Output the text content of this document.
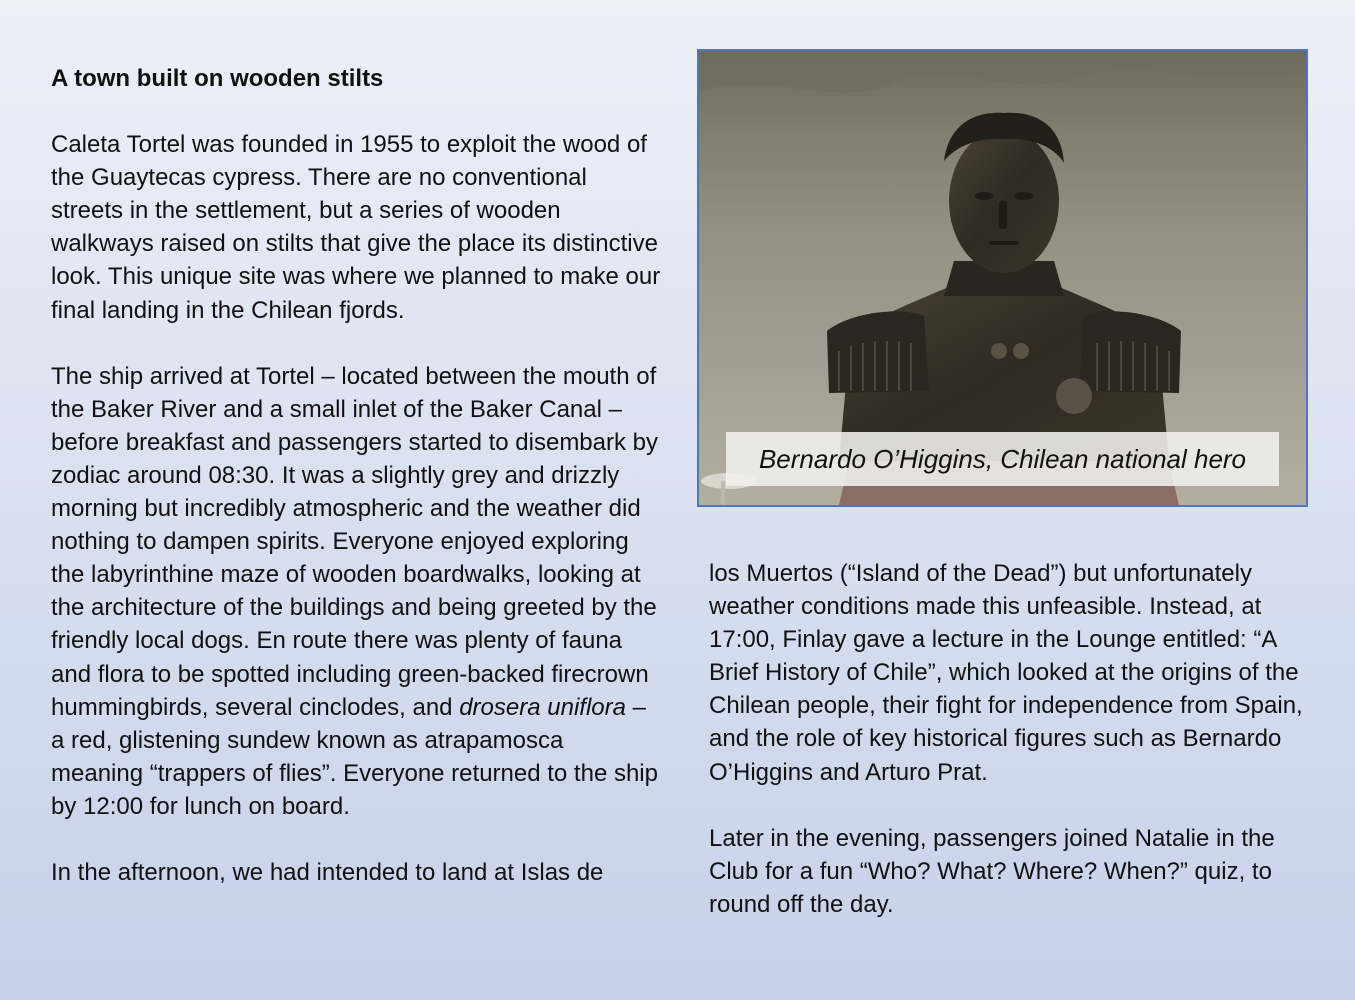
A town built on wooden stilts

Caleta Tortel was founded in 1955 to exploit the wood of the Guaytecas cypress. There are no conventional streets in the settlement, but a series of wooden walkways raised on stilts that give the place its distinctive look. This unique site was where we planned to make our final landing in the Chilean fjords.

The ship arrived at Tortel – located between the mouth of the Baker River and a small inlet of the Baker Canal – before breakfast and passengers started to disembark by zodiac around 08:30. It was a slightly grey and drizzly morning but incredibly atmospheric and the weather did nothing to dampen spirits. Everyone enjoyed exploring the labyrinthine maze of wooden boardwalks, looking at the architecture of the buildings and being greeted by the friendly local dogs. En route there was plenty of fauna and flora to be spotted including green-backed firecrown hummingbirds, several cinclodes, and drosera uniflora – a red, glistening sundew known as atrapamosca meaning “trappers of flies”. Everyone returned to the ship by 12:00 for lunch on board.

In the afternoon, we had intended to land at Islas de

Bernardo O’Higgins, Chilean national hero

los Muertos (“Island of the Dead”) but unfortunately weather conditions made this unfeasible. Instead, at 17:00, Finlay gave a lecture in the Lounge entitled: “A Brief History of Chile”, which looked at the origins of the Chilean people, their fight for independence from Spain, and the role of key historical figures such as Bernardo O’Higgins and Arturo Prat.

Later in the evening, passengers joined Natalie in the Club for a fun “Who? What? Where? When?” quiz, to round off the day.
